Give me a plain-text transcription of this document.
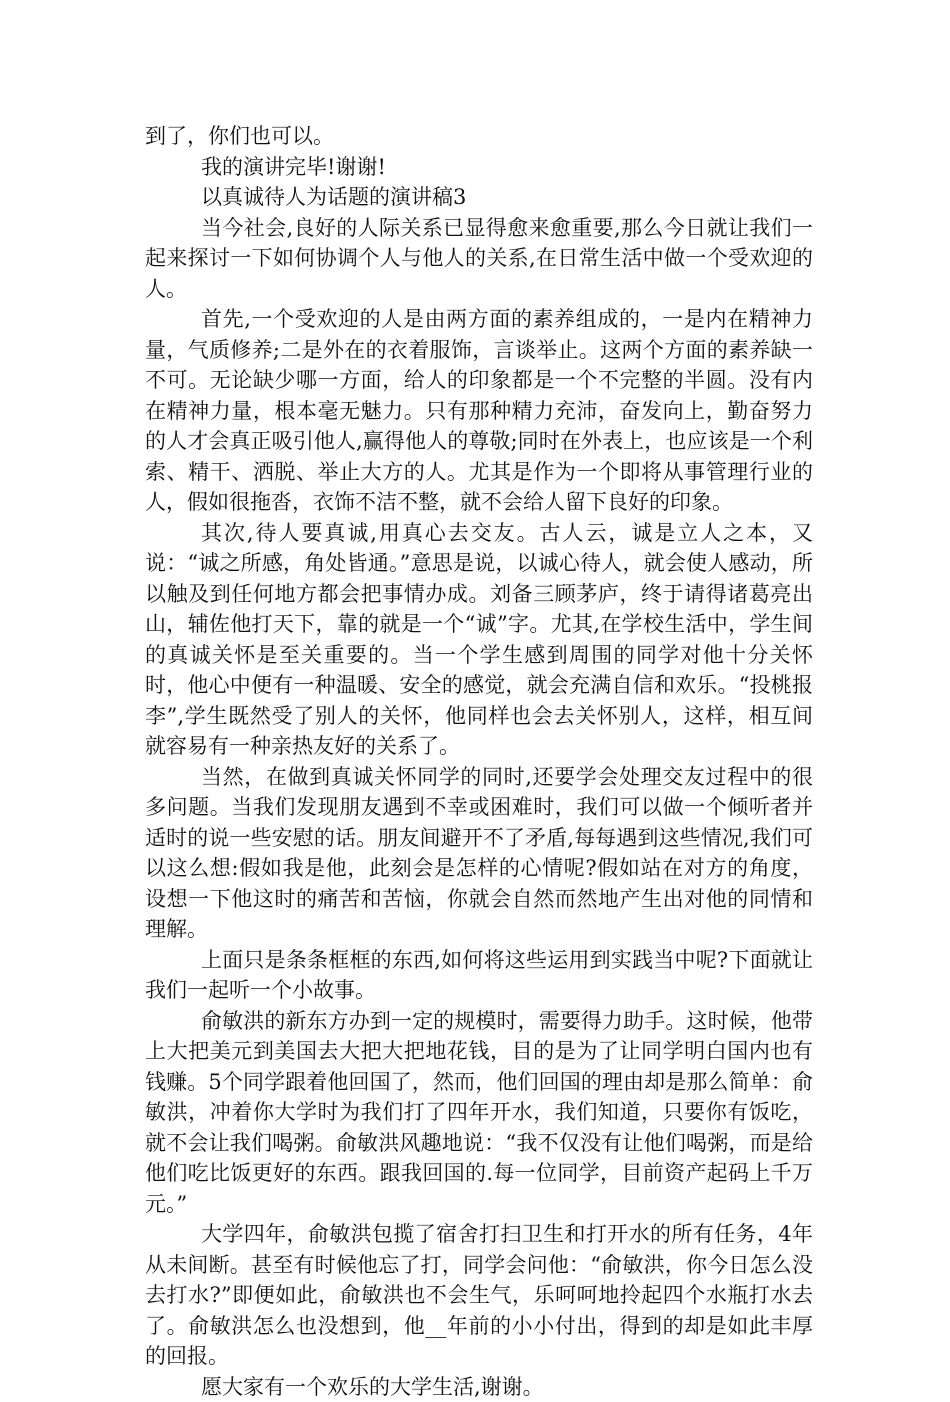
到了，你们也可以。

我的演讲完毕!谢谢!

以真诚待人为话题的演讲稿3

当今社会,良好的人际关系已显得愈来愈重要,那么今日就让我们一起来探讨一下如何协调个人与他人的关系,在日常生活中做一个受欢迎的人。

首先,一个受欢迎的人是由两方面的素养组成的，一是内在精神力量，气质修养;二是外在的衣着服饰，言谈举止。这两个方面的素养缺一不可。无论缺少哪一方面，给人的印象都是一个不完整的半圆。没有内在精神力量，根本毫无魅力。只有那种精力充沛，奋发向上，勤奋努力的人才会真正吸引他人,赢得他人的尊敬;同时在外表上，也应该是一个利索、精干、洒脱、举止大方的人。尤其是作为一个即将从事管理行业的人，假如很拖沓，衣饰不洁不整，就不会给人留下良好的印象。

其次,待人要真诚,用真心去交友。古人云，诚是立人之本，又说：“诚之所感，角处皆通。”意思是说，以诚心待人，就会使人感动，所以触及到任何地方都会把事情办成。刘备三顾茅庐，终于请得诸葛亮出山，辅佐他打天下，靠的就是一个“诚”字。尤其,在学校生活中，学生间的真诚关怀是至关重要的。当一个学生感到周围的同学对他十分关怀时，他心中便有一种温暖、安全的感觉，就会充满自信和欢乐。“投桃报李”,学生既然受了别人的关怀，他同样也会去关怀别人，这样，相互间就容易有一种亲热友好的关系了。

当然，在做到真诚关怀同学的同时,还要学会处理交友过程中的很多问题。当我们发现朋友遇到不幸或困难时，我们可以做一个倾听者并适时的说一些安慰的话。朋友间避开不了矛盾,每每遇到这些情况,我们可以这么想:假如我是他，此刻会是怎样的心情呢?假如站在对方的角度，设想一下他这时的痛苦和苦恼，你就会自然而然地产生出对他的同情和理解。

上面只是条条框框的东西,如何将这些运用到实践当中呢?下面就让我们一起听一个小故事。

俞敏洪的新东方办到一定的规模时，需要得力助手。这时候，他带上大把美元到美国去大把大把地花钱，目的是为了让同学明白国内也有钱赚。5个同学跟着他回国了，然而，他们回国的理由却是那么简单：俞敏洪，冲着你大学时为我们打了四年开水，我们知道，只要你有饭吃，就不会让我们喝粥。俞敏洪风趣地说：“我不仅没有让他们喝粥，而是给他们吃比饭更好的东西。跟我回国的.每一位同学，目前资产起码上千万元。”

大学四年，俞敏洪包揽了宿舍打扫卫生和打开水的所有任务，4年从未间断。甚至有时候他忘了打，同学会问他：“俞敏洪，你今日怎么没去打水?”即便如此，俞敏洪也不会生气，乐呵呵地拎起四个水瓶打水去了。俞敏洪怎么也没想到，他__年前的小小付出，得到的却是如此丰厚的回报。

愿大家有一个欢乐的大学生活,谢谢。
